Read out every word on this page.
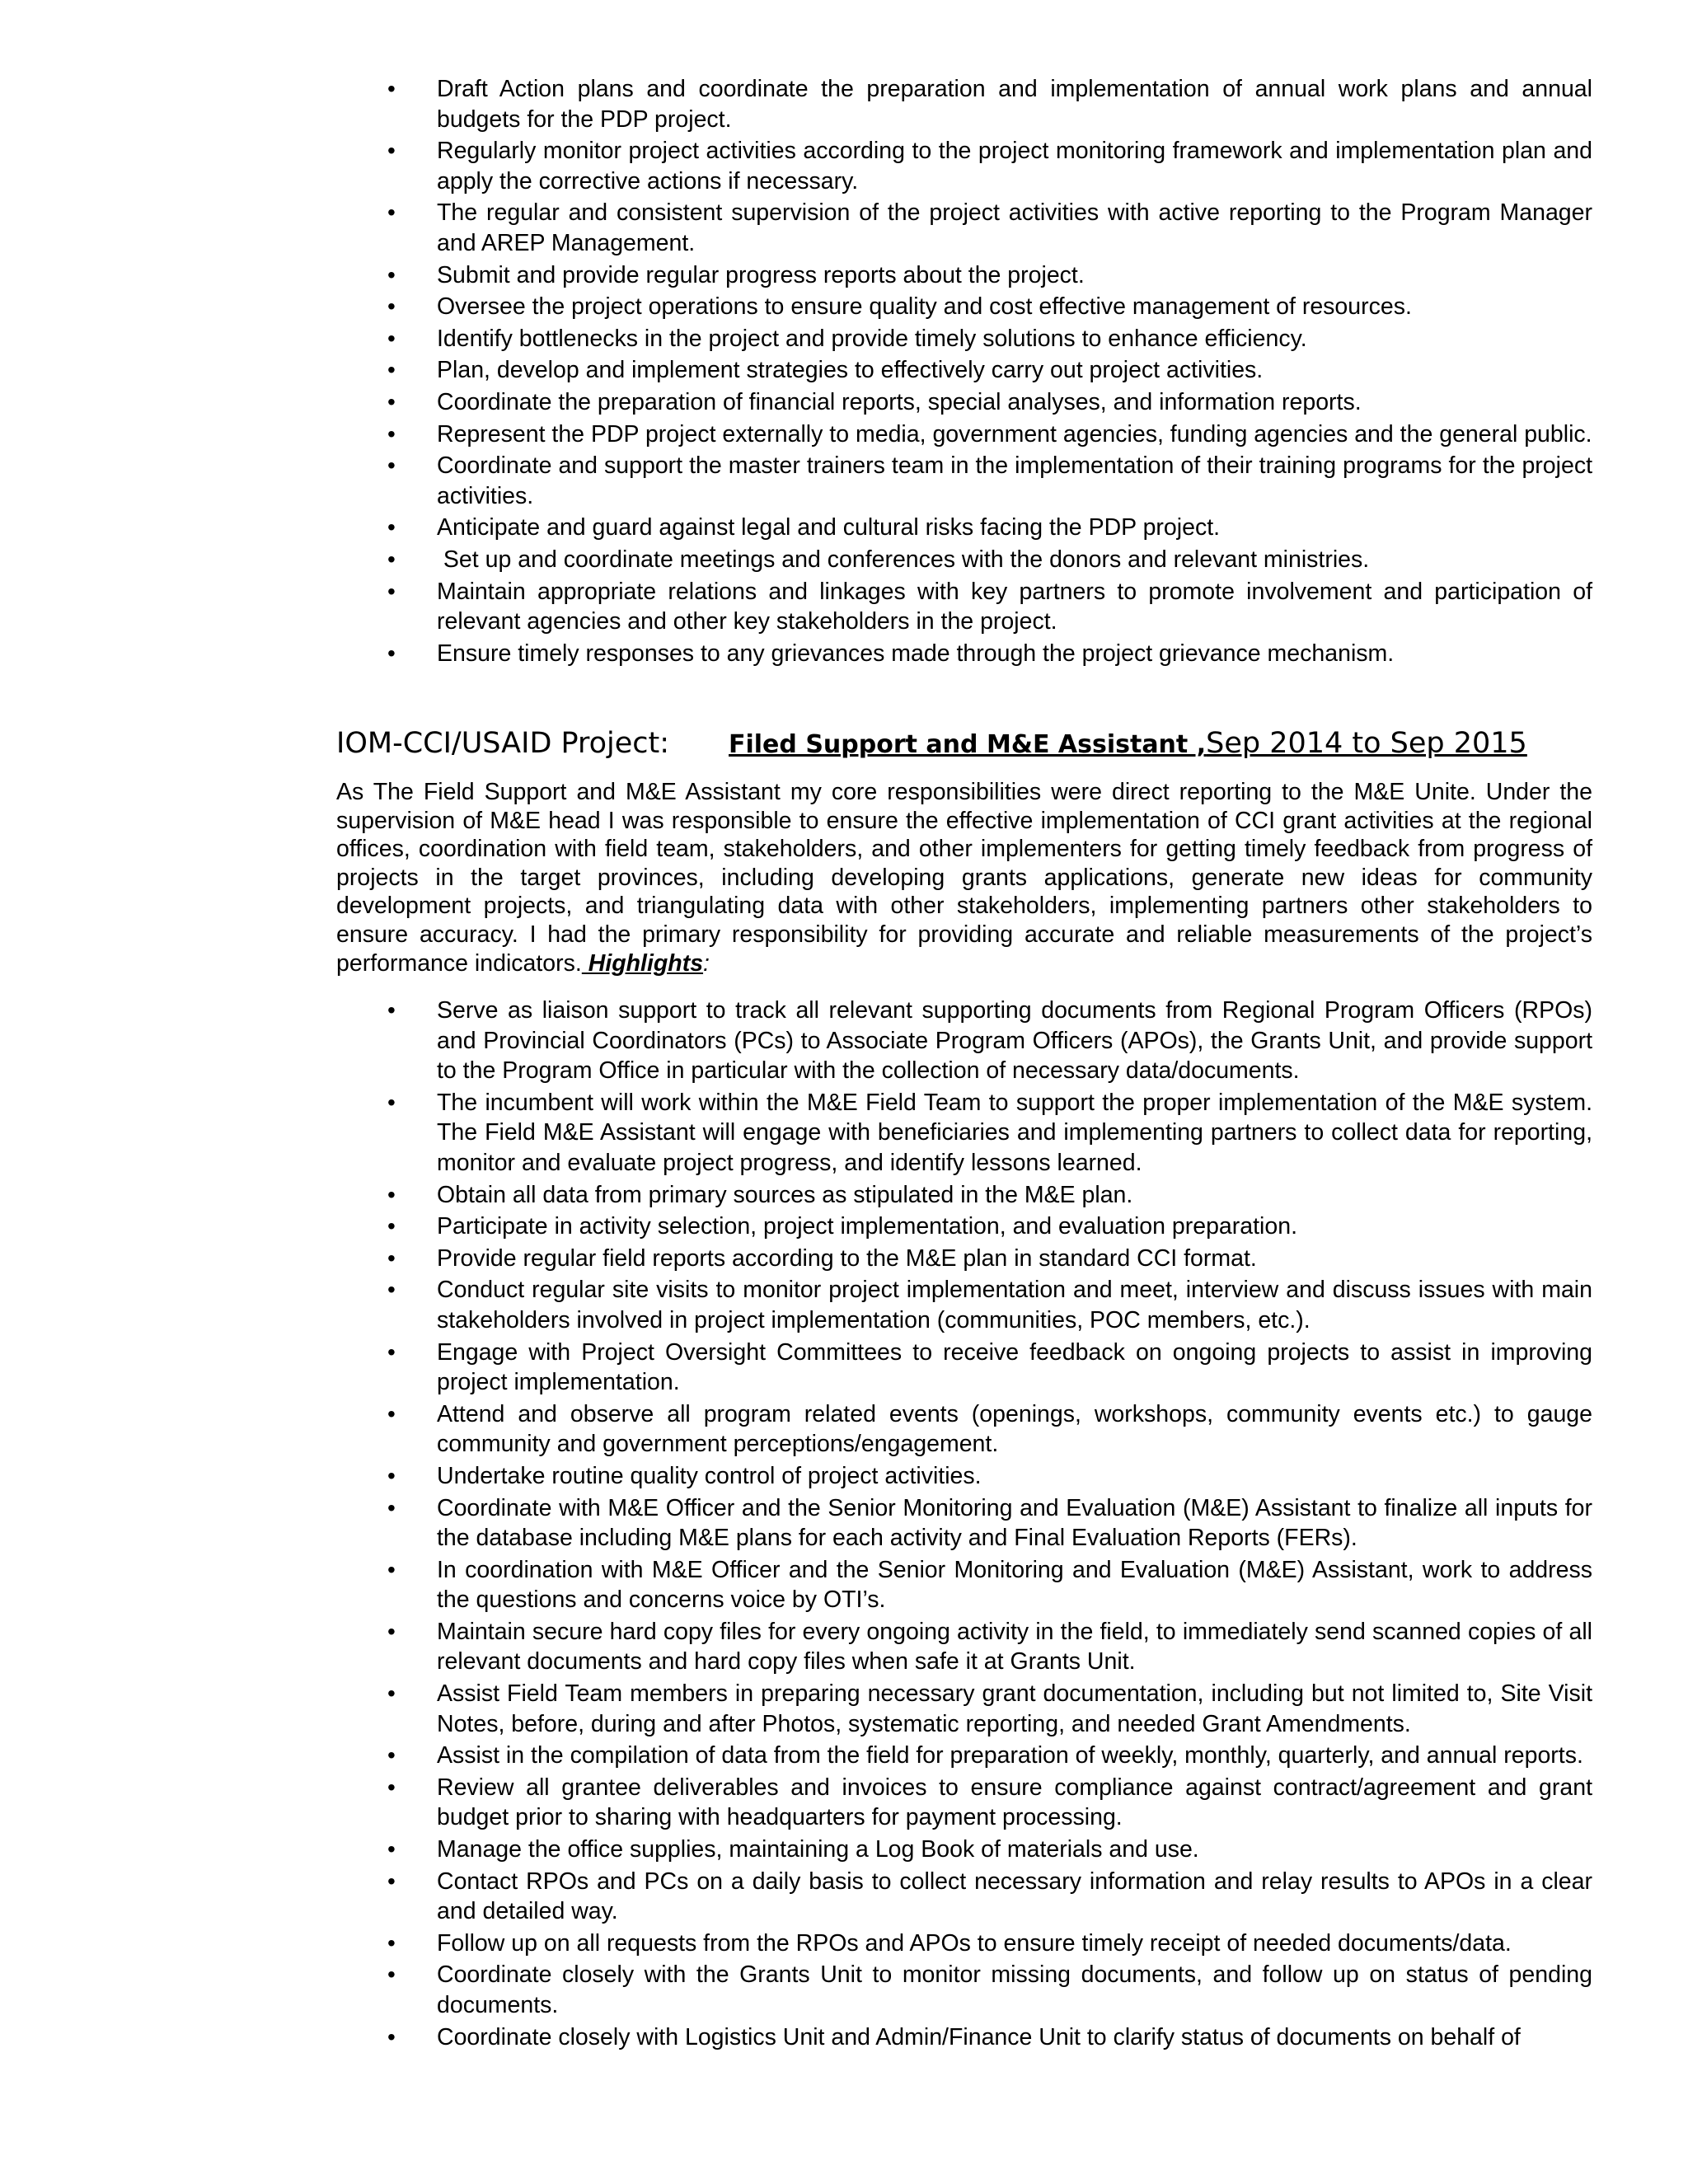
•	Draft Action plans and coordinate the preparation and implementation of annual work plans and annual budgets for the PDP project.
•	Regularly monitor project activities according to the project monitoring framework and implementation plan and apply the corrective actions if necessary.
•	The regular and consistent supervision of the project activities with active reporting to the Program Manager and AREP Management.
•	Submit and provide regular progress reports about the project.
•	Oversee the project operations to ensure quality and cost effective management of resources.
•	Identify bottlenecks in the project and provide timely solutions to enhance efficiency.
•	Plan, develop and implement strategies to effectively carry out project activities.
•	Coordinate the preparation of financial reports, special analyses, and information reports.
•	Represent the PDP project externally to media, government agencies, funding agencies and the general public.
•	Coordinate and support the master trainers team in the implementation of their training programs for the project activities.
•	Anticipate and guard against legal and cultural risks facing the PDP project.
•	Set up and coordinate meetings and conferences with the donors and relevant ministries.
•	Maintain appropriate relations and linkages with key partners to promote involvement and participation of relevant agencies and other key stakeholders in the project.
•	Ensure timely responses to any grievances made through the project grievance mechanism.
IOM-CCI/USAID Project: Filed Support and M&E Assistant ,Sep 2014 to Sep 2015

As The Field Support and M&E Assistant my core responsibilities were direct reporting to the M&E Unite. Under the supervision of M&E head I was responsible to ensure the effective implementation of CCI grant activities at the regional offices, coordination with field team, stakeholders, and other implementers for getting timely feedback from progress of projects in the target provinces, including developing grants applications, generate new ideas for community development projects, and triangulating data with other stakeholders, implementing partners other stakeholders to ensure accuracy. I had the primary responsibility for providing accurate and reliable measurements of the project’s performance indicators. Highlights:

•	Serve as liaison support to track all relevant supporting documents from Regional Program Officers (RPOs) and Provincial Coordinators (PCs) to Associate Program Officers (APOs), the Grants Unit, and provide support to the Program Office in particular with the collection of necessary data/documents.
•	The incumbent will work within the M&E Field Team to support the proper implementation of the M&E system. The Field M&E Assistant will engage with beneficiaries and implementing partners to collect data for reporting, monitor and evaluate project progress, and identify lessons learned.
•	Obtain all data from primary sources as stipulated in the M&E plan.
•	Participate in activity selection, project implementation, and evaluation preparation.
•	Provide regular field reports according to the M&E plan in standard CCI format.
•	Conduct regular site visits to monitor project implementation and meet, interview and discuss issues with main stakeholders involved in project implementation (communities, POC members, etc.).
•	Engage with Project Oversight Committees to receive feedback on ongoing projects to assist in improving project implementation.
•	Attend and observe all program related events (openings, workshops, community events etc.) to gauge community and government perceptions/engagement.
•	Undertake routine quality control of project activities.
•	Coordinate with M&E Officer and the Senior Monitoring and Evaluation (M&E) Assistant to finalize all inputs for the database including M&E plans for each activity and Final Evaluation Reports (FERs).
•	In coordination with M&E Officer and the Senior Monitoring and Evaluation (M&E) Assistant, work to address the questions and concerns voice by OTI’s.
•	Maintain secure hard copy files for every ongoing activity in the field, to immediately send scanned copies of all relevant documents and hard copy files when safe it at Grants Unit.
•	Assist Field Team members in preparing necessary grant documentation, including but not limited to, Site Visit Notes, before, during and after Photos, systematic reporting, and needed Grant Amendments.
•	Assist in the compilation of data from the field for preparation of weekly, monthly, quarterly, and annual reports.
•	Review all grantee deliverables and invoices to ensure compliance against contract/agreement and grant budget prior to sharing with headquarters for payment processing.
•	Manage the office supplies, maintaining a Log Book of materials and use.
•	Contact RPOs and PCs on a daily basis to collect necessary information and relay results to APOs in a clear and detailed way.
•	Follow up on all requests from the RPOs and APOs to ensure timely receipt of needed documents/data.
•	Coordinate closely with the Grants Unit to monitor missing documents, and follow up on status of pending documents.
•	Coordinate closely with Logistics Unit and Admin/Finance Unit to clarify status of documents on behalf of
